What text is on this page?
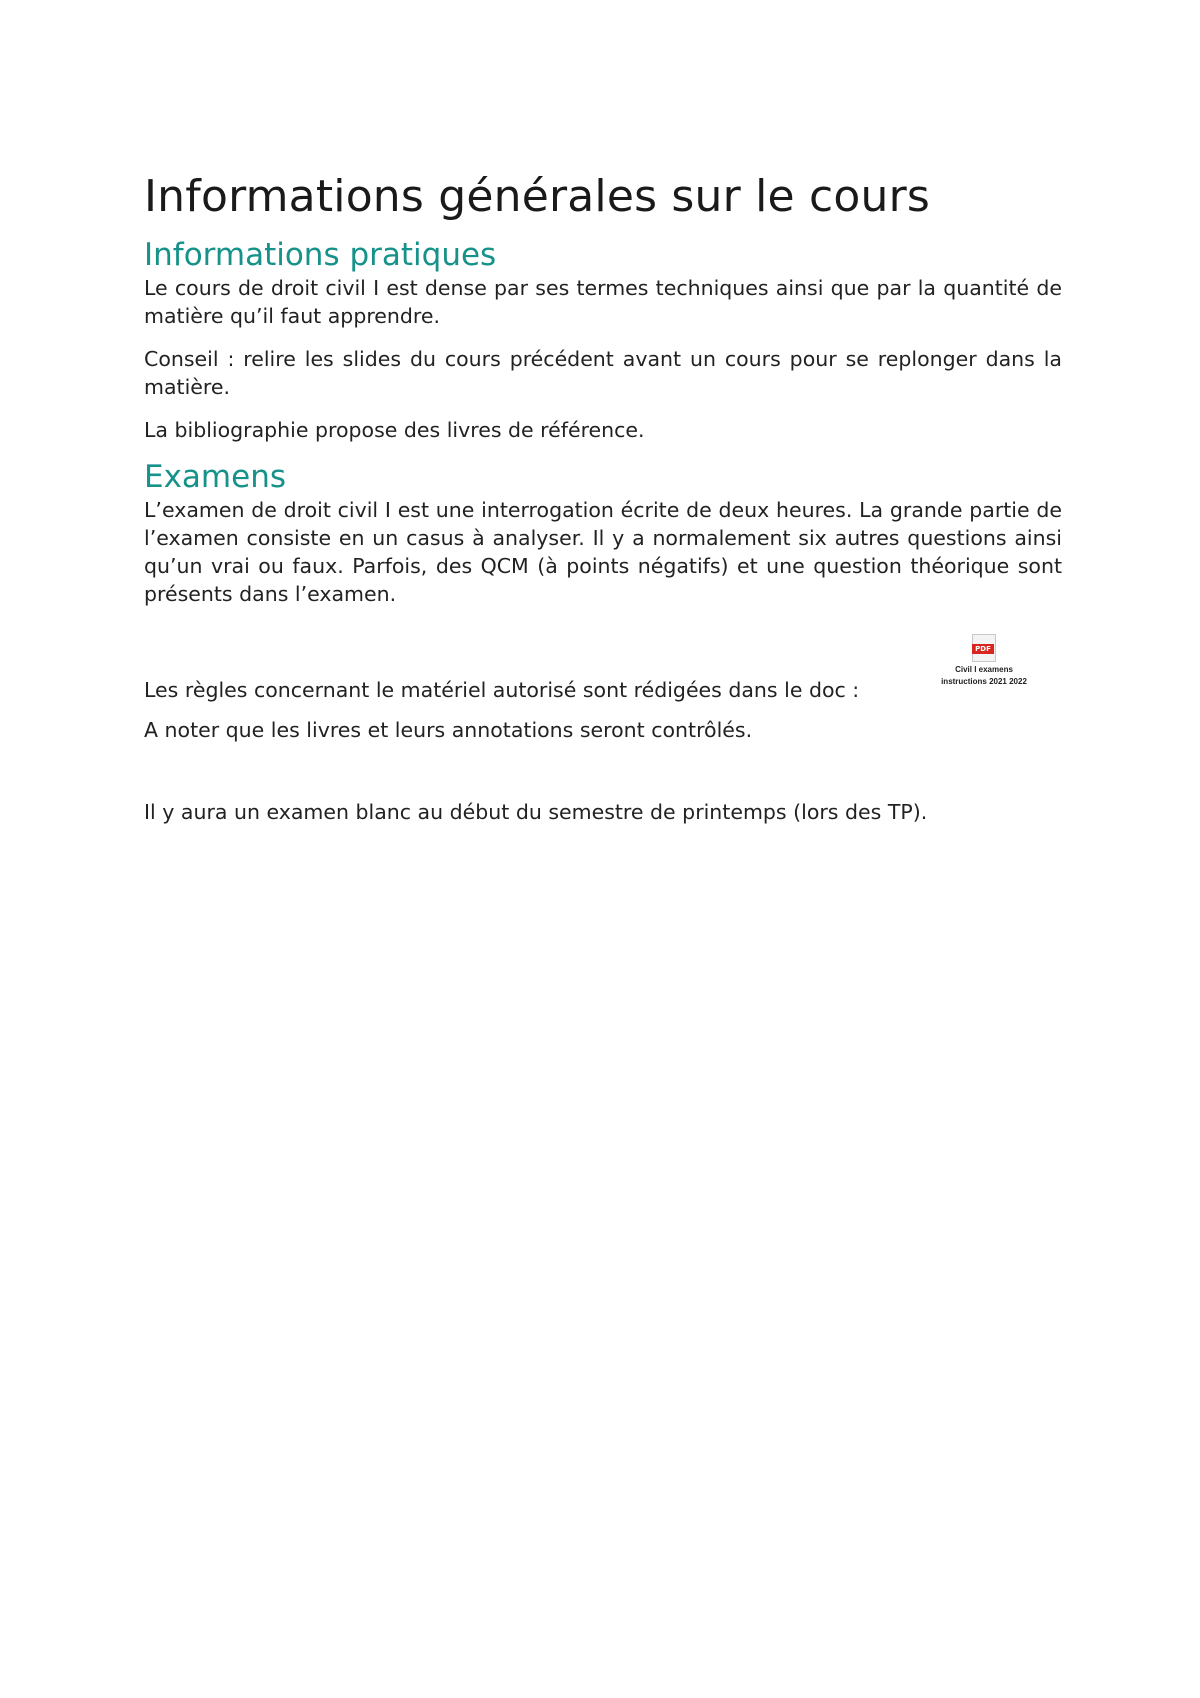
Informations générales sur le cours
Informations pratiques

Le cours de droit civil I est dense par ses termes techniques ainsi que par la quantité de matière qu’il faut apprendre.

Conseil : relire les slides du cours précédent avant un cours pour se replonger dans la matière.

La bibliographie propose des livres de référence.

Examens

L’examen de droit civil I est une interrogation écrite de deux heures. La grande partie de l’examen consiste en un casus à analyser. Il y a normalement six autres questions ainsi qu’un vrai ou faux. Parfois, des QCM (à points négatifs) et une question théorique sont présents dans l’examen.

Les règles concernant le matériel autorisé sont rédigées dans le doc :
PDF
Civil I examens
instructions 2021 2022

A noter que les livres et leurs annotations seront contrôlés.

Il y aura un examen blanc au début du semestre de printemps (lors des TP).
